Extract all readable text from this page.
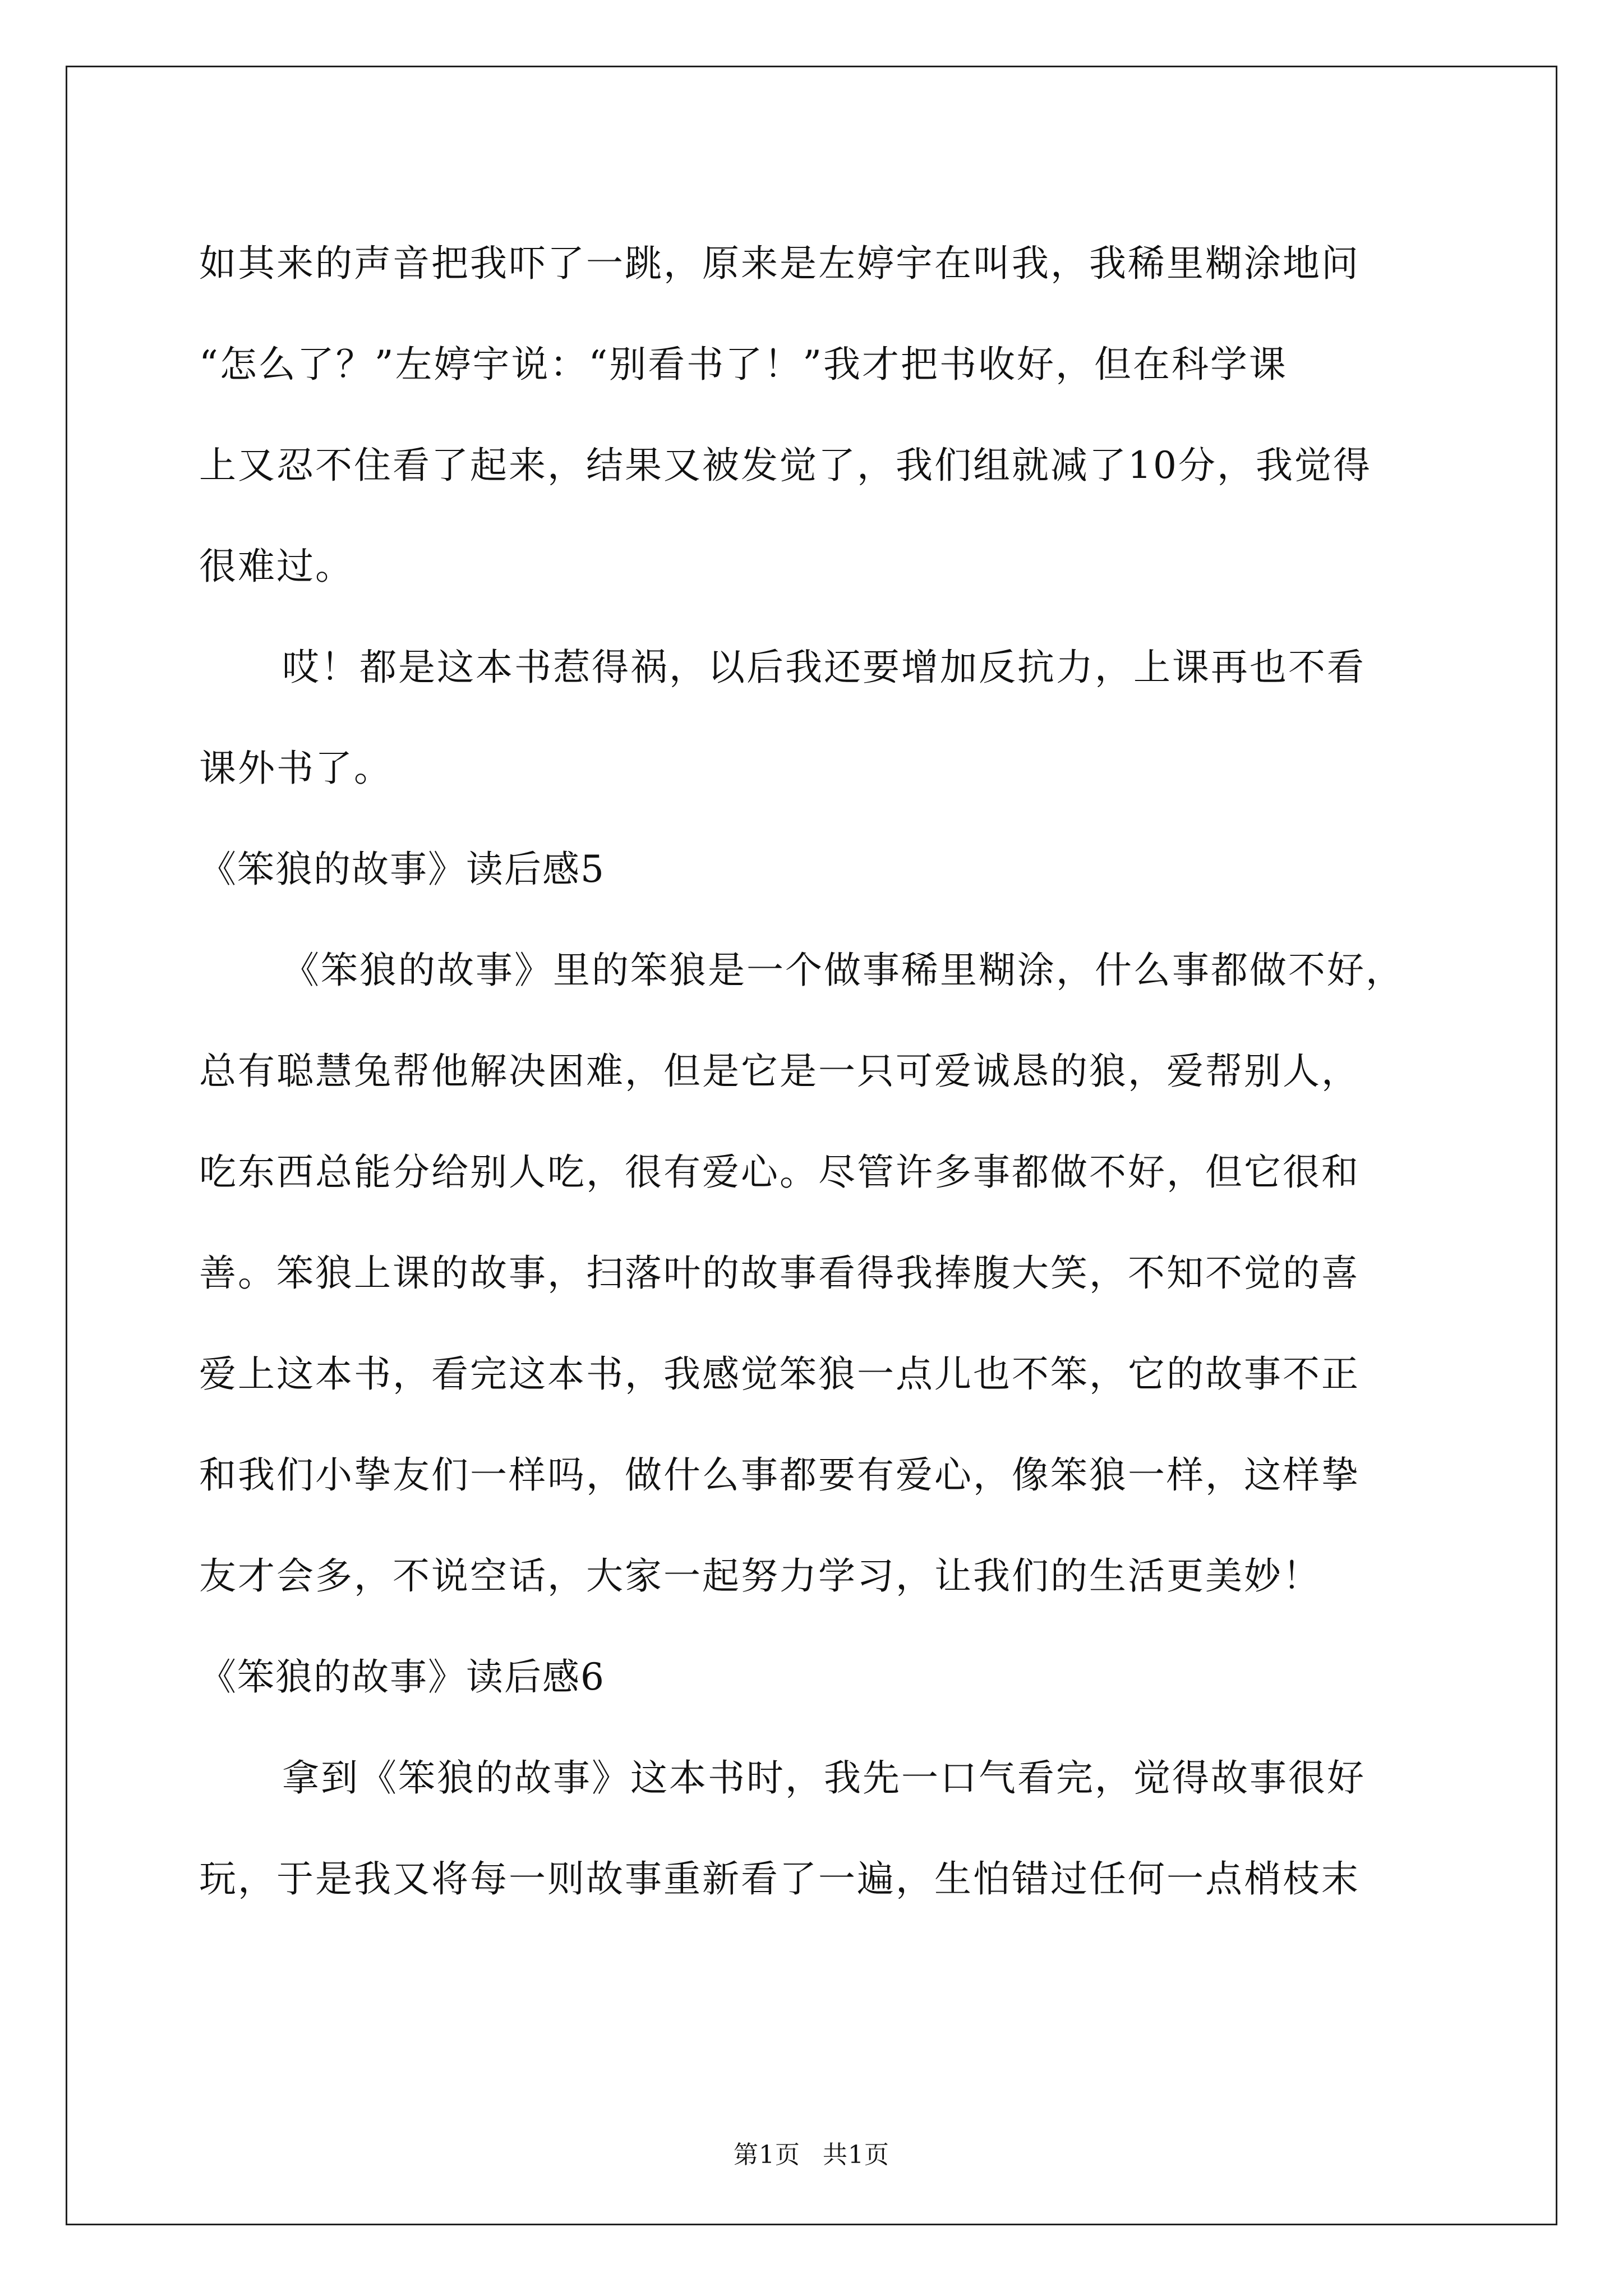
如其来的声音把我吓了一跳，原来是左婷宇在叫我，我稀里糊涂地问
“怎么了？”左婷宇说：“别看书了！”我才把书收好，但在科学课
上又忍不住看了起来，结果又被发觉了，我们组就减了10分，我觉得
很难过。
哎！都是这本书惹得祸，以后我还要增加反抗力，上课再也不看
课外书了。
《笨狼的故事》读后感5
《笨狼的故事》里的笨狼是一个做事稀里糊涂，什么事都做不好，
总有聪慧兔帮他解决困难，但是它是一只可爱诚恳的狼，爱帮别人，
吃东西总能分给别人吃，很有爱心。尽管许多事都做不好，但它很和
善。笨狼上课的故事，扫落叶的故事看得我捧腹大笑，不知不觉的喜
爱上这本书，看完这本书，我感觉笨狼一点儿也不笨，它的故事不正
和我们小挚友们一样吗，做什么事都要有爱心，像笨狼一样，这样挚
友才会多，不说空话，大家一起努力学习，让我们的生活更美妙！
《笨狼的故事》读后感6
拿到《笨狼的故事》这本书时，我先一口气看完，觉得故事很好
玩，于是我又将每一则故事重新看了一遍，生怕错过任何一点梢枝末
第1页 共1页
